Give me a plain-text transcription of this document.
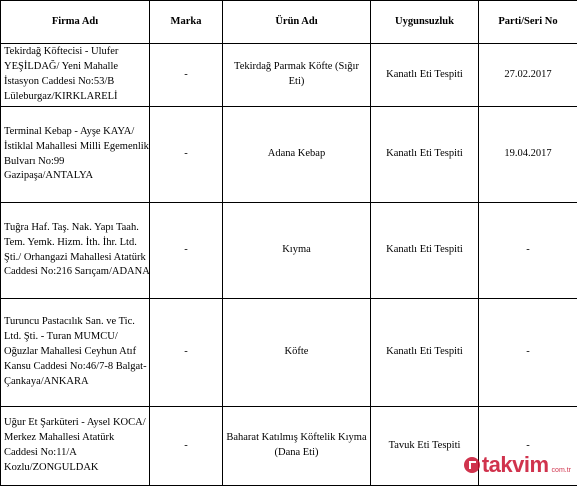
Firma Adı	Marka	Ürün Adı	Uygunsuzluk	Parti/Seri No

Tekirdağ Köftecisi - Ulufer
YEŞİLDAĞ/ Yeni Mahalle
İstasyon Caddesi No:53/B
Lüleburgaz/KIRKLARELİ	-	Tekirdağ Parmak Köfte (Sığır Eti)	Kanatlı Eti Tespiti	27.02.2017

Terminal Kebap - Ayşe KAYA/
İstiklal Mahallesi Milli Egemenlik
Bulvarı No:99
Gazipaşa/ANTALYA	-	Adana Kebap	Kanatlı Eti Tespiti	19.04.2017

Tuğra Haf. Taş. Nak. Yapı Taah.
Tem. Yemk. Hizm. İth. İhr. Ltd.
Şti./ Orhangazi Mahallesi Atatürk
Caddesi No:216 Sarıçam/ADANA	-	Kıyma	Kanatlı Eti Tespiti	-

Turuncu Pastacılık San. ve Tic.
Ltd. Şti. - Turan MUMCU/
Oğuzlar Mahallesi Ceyhun Atıf
Kansu Caddesi No:46/7-8 Balgat-
Çankaya/ANKARA	-	Köfte	Kanatlı Eti Tespiti	-

Uğur Et Şarküteri - Aysel KOCA/
Merkez Mahallesi Atatürk
Caddesi No:11/A
Kozlu/ZONGULDAK	-	Baharat Katılmış Köftelik Kıyma
(Dana Eti)	Tavuk Eti Tespiti	-
takvim com.tr
